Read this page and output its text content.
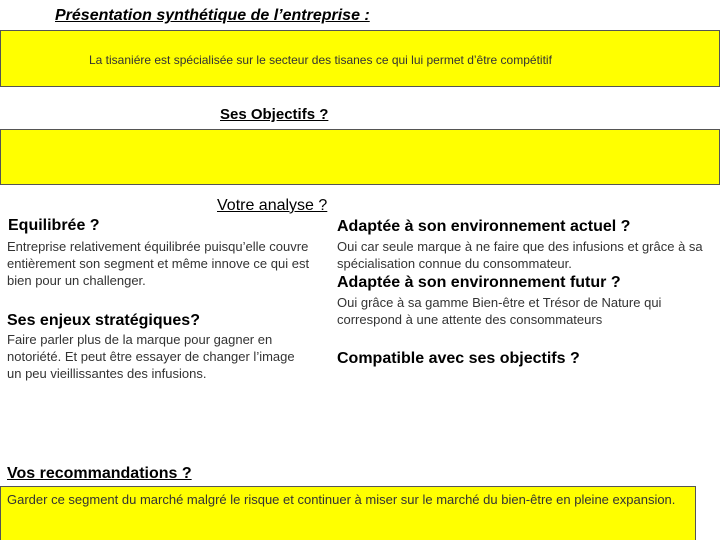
Présentation synthétique de l’entreprise :
La tisaniére est spécialisée sur le secteur des tisanes ce qui lui permet d’être compétitif
Ses Objectifs ?
Votre analyse ?
Equilibrée ?
Entreprise relativement équilibrée puisqu’elle couvre entièrement son segment et même innove ce qui est bien pour un challenger.
Ses enjeux stratégiques?
Faire parler plus de la marque pour gagner en notoriété. Et peut être essayer de changer l’image un peu vieillissantes des infusions.
Adaptée à son environnement actuel ?
Oui car seule marque à ne faire que des infusions et grâce à sa spécialisation connue du consommateur.
Adaptée à son environnement futur ?
Oui grâce à sa gamme Bien-être et Trésor de Nature qui correspond à une attente des consommateurs
Compatible avec ses objectifs ?
Vos recommandations ?
Garder ce segment du marché malgré le risque et continuer à miser sur le marché du bien-être en pleine expansion.
